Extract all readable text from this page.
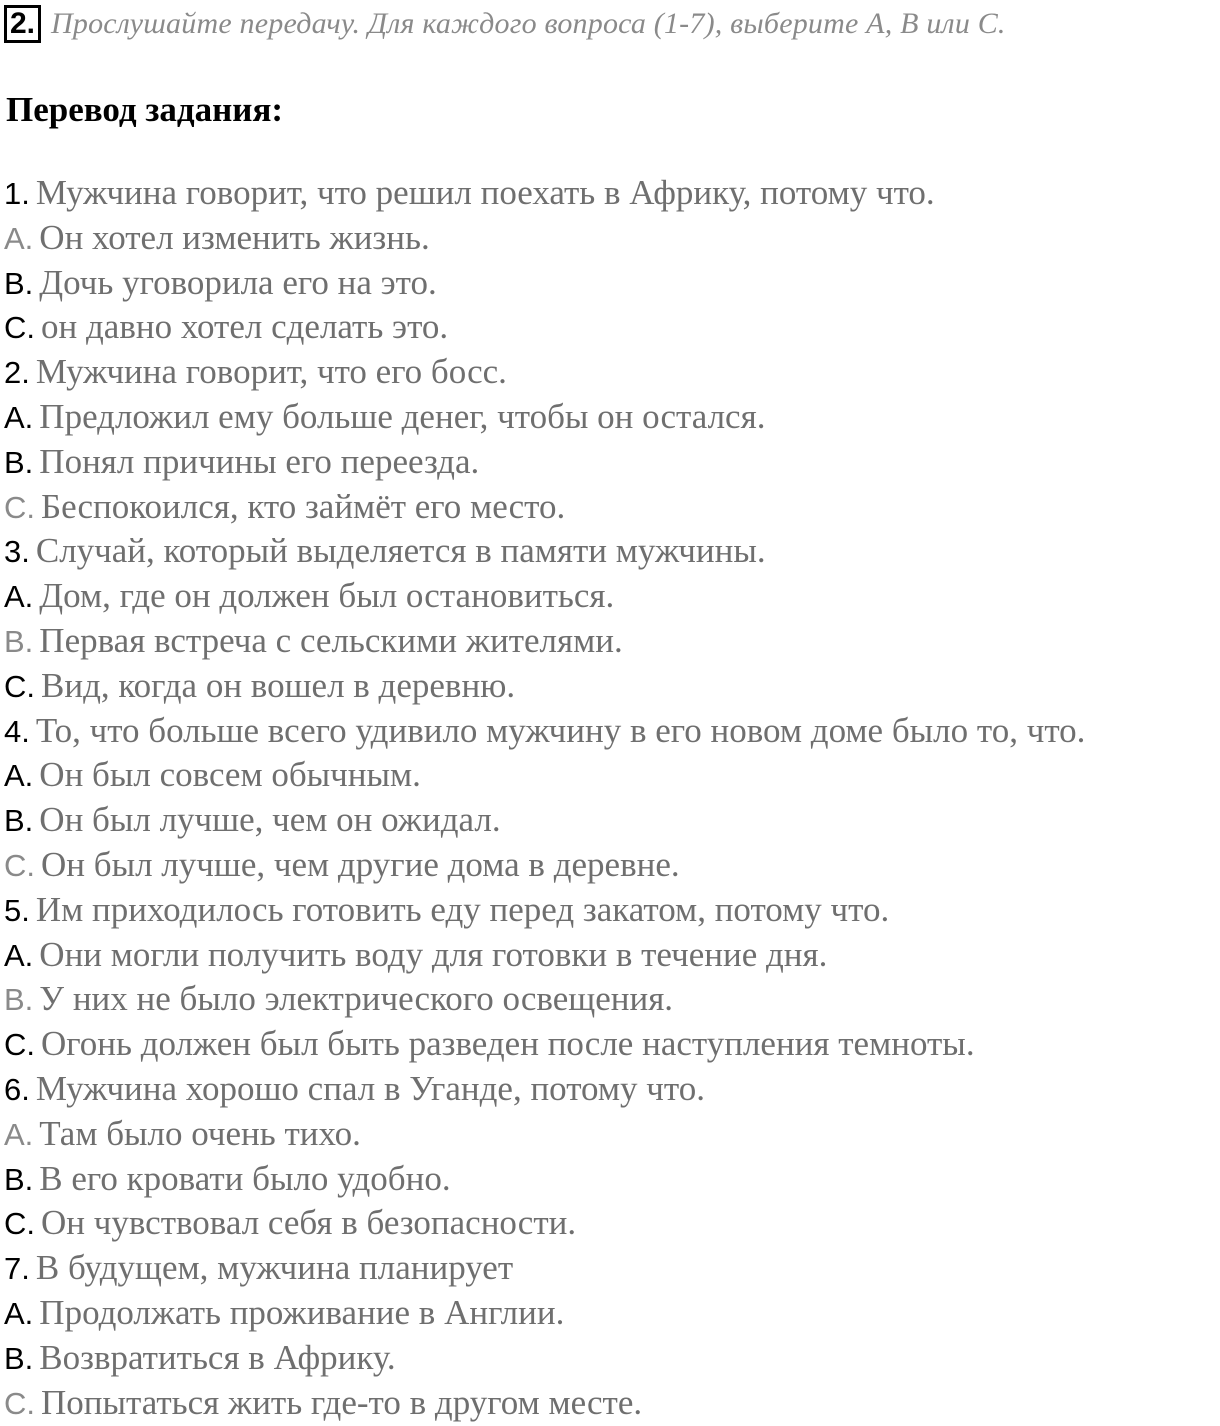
2. Прослушайте передачу. Для каждого вопроса (1-7), выберите А, В или С.
Перевод задания:
1. Мужчина говорит, что решил поехать в Африку, потому что.
А. Он хотел изменить жизнь.
В. Дочь уговорила его на это.
С. он давно хотел сделать это.
2. Мужчина говорит, что его босс.
А. Предложил ему больше денег, чтобы он остался.
В. Понял причины его переезда.
С. Беспокоился, кто займёт его место.
3. Случай, который выделяется в памяти мужчины.
А. Дом, где он должен был остановиться.
В. Первая встреча с сельскими жителями.
С. Вид, когда он вошел в деревню.
4. То, что больше всего удивило мужчину в его новом доме было то, что.
А. Он был совсем обычным.
В. Он был лучше, чем он ожидал.
С. Он был лучше, чем другие дома в деревне.
5. Им приходилось готовить еду перед закатом, потому что.
А. Они могли получить воду для готовки в течение дня.
В. У них не было электрического освещения.
С. Огонь должен был быть разведен после наступления темноты.
6. Мужчина хорошо спал в Уганде, потому что.
А. Там было очень тихо.
В. В его кровати было удобно.
С. Он чувствовал себя в безопасности.
7. В будущем, мужчина планирует
А. Продолжать проживание в Англии.
В. Возвратиться в Африку.
С. Попытаться жить где-то в другом месте.
